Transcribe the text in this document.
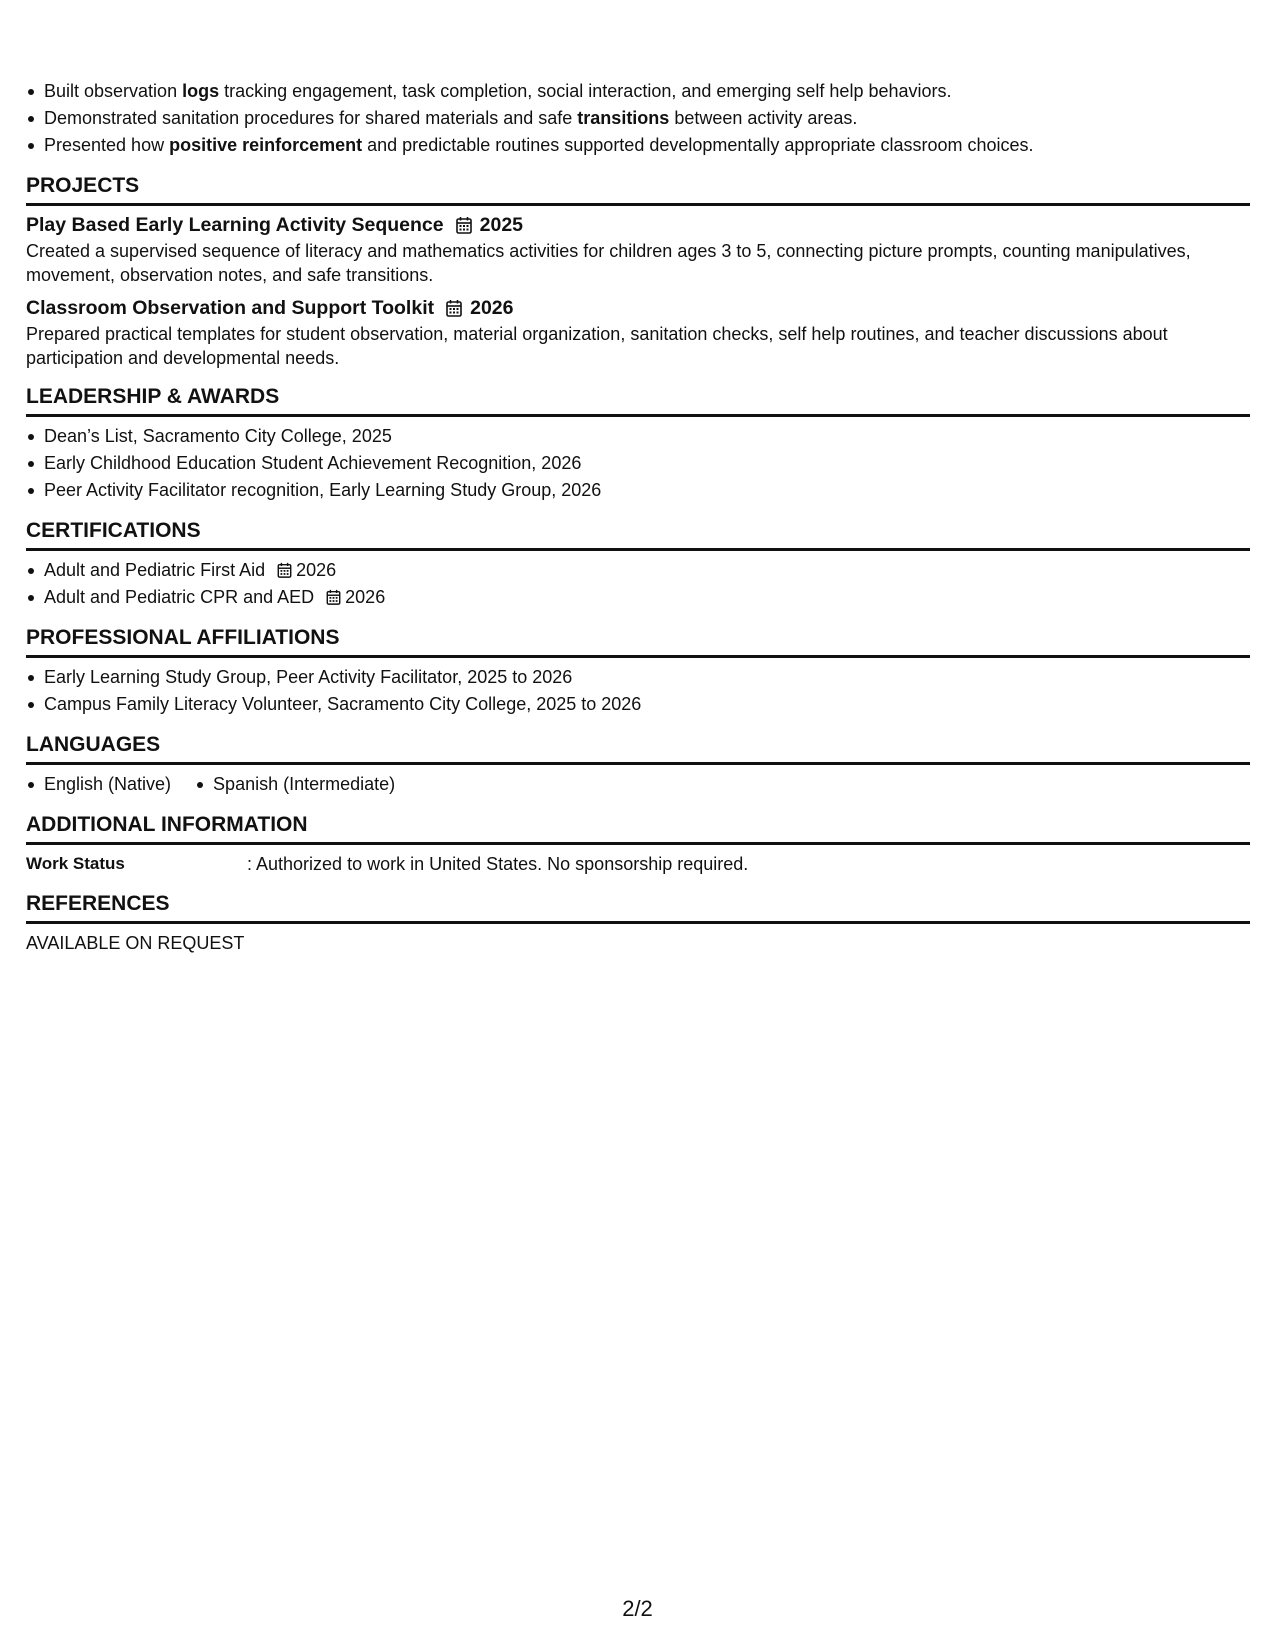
Built observation logs tracking engagement, task completion, social interaction, and emerging self help behaviors.
Demonstrated sanitation procedures for shared materials and safe transitions between activity areas.
Presented how positive reinforcement and predictable routines supported developmentally appropriate classroom choices.
PROJECTS
Play Based Early Learning Activity Sequence 2025

Created a supervised sequence of literacy and mathematics activities for children ages 3 to 5, connecting picture prompts, counting manipulatives, movement, observation notes, and safe transitions.

Classroom Observation and Support Toolkit 2026

Prepared practical templates for student observation, material organization, sanitation checks, self help routines, and teacher discussions about participation and developmental needs.

LEADERSHIP & AWARDS
Dean’s List, Sacramento City College, 2025
Early Childhood Education Student Achievement Recognition, 2026
Peer Activity Facilitator recognition, Early Learning Study Group, 2026
CERTIFICATIONS
Adult and Pediatric First Aid 2026
Adult and Pediatric CPR and AED 2026
PROFESSIONAL AFFILIATIONS
Early Learning Study Group, Peer Activity Facilitator, 2025 to 2026
Campus Family Literacy Volunteer, Sacramento City College, 2025 to 2026
LANGUAGES
English (Native) Spanish (Intermediate)
ADDITIONAL INFORMATION
Work Status	: Authorized to work in United States. No sponsorship required.
REFERENCES
AVAILABLE ON REQUEST
2/2
